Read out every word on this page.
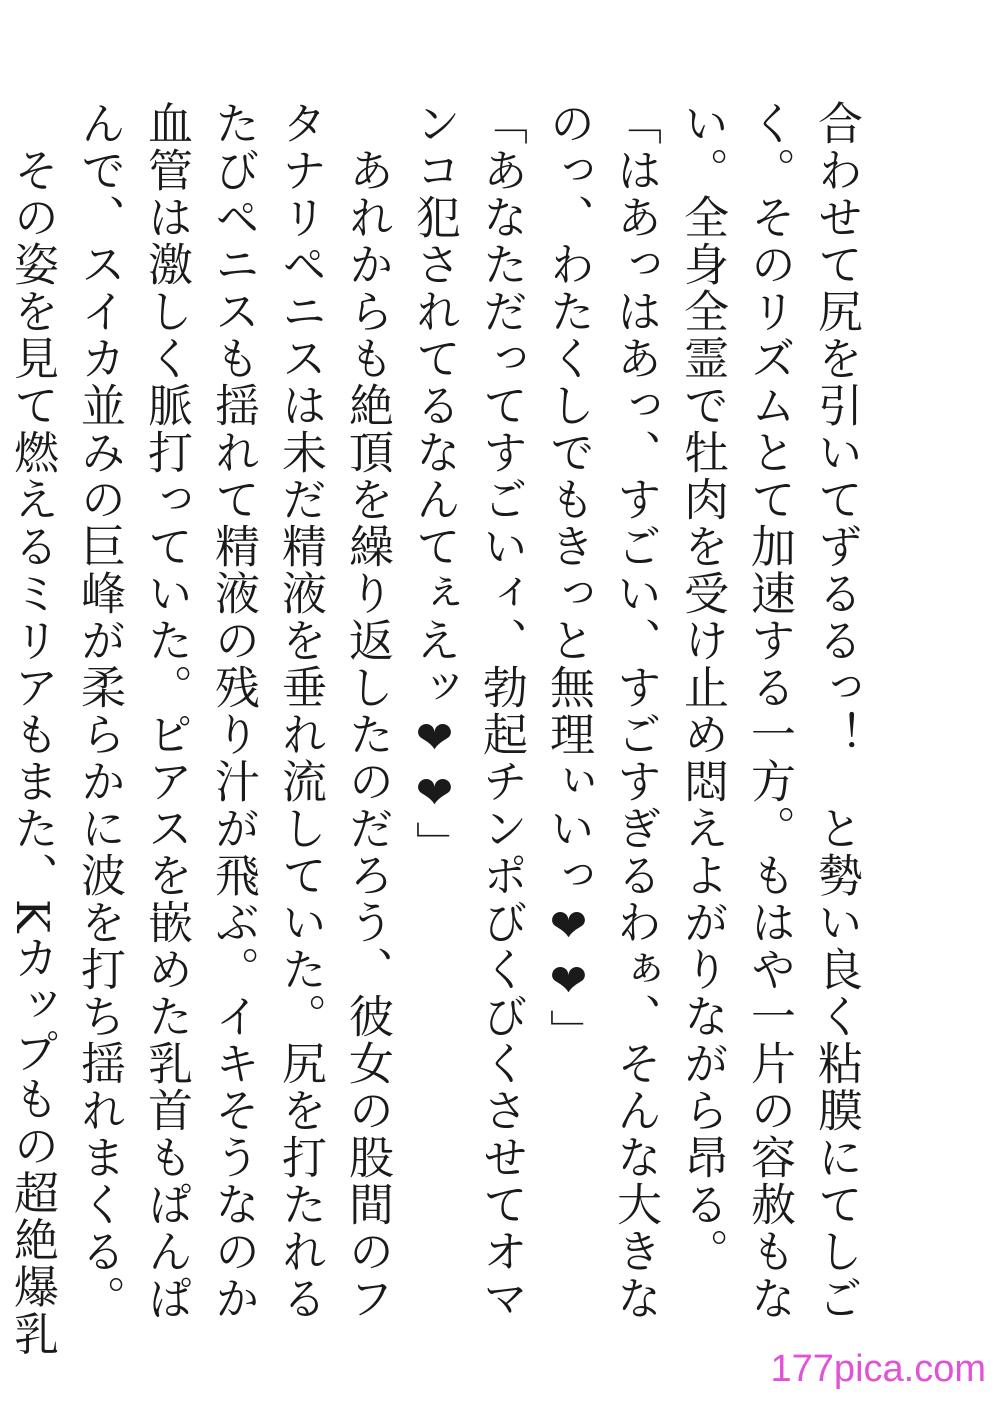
合わせて尻を引いてずるるっ！　と勢い良く粘膜にてしごく。そのリズムとて加速する一方。もはや一片の容赦もない。全身全霊で牡肉を受け止め悶えよがりながら昂る。

「はあっはあっ、すごい、すごすぎるわぁ、そんな大きなのっ、わたくしでもきっと無理ぃいっ❤❤」

「あなただってすごいィ、勃起チンポびくびくさせてオマンコ犯されてるなんてぇえッ❤❤」

　あれからも絶頂を繰り返したのだろう、彼女の股間のフタナリペニスは未だ精液を垂れ流していた。尻を打たれるたびペニスも揺れて精液の残り汁が飛ぶ。イキそうなのか血管は激しく脈打っていた。ピアスを嵌めた乳首もぱんぱんで、スイカ並みの巨峰が柔らかに波を打ち揺れまくる。

　その姿を見て燃えるミリアもまた、Kカップもの超絶爆乳

177pica.com
